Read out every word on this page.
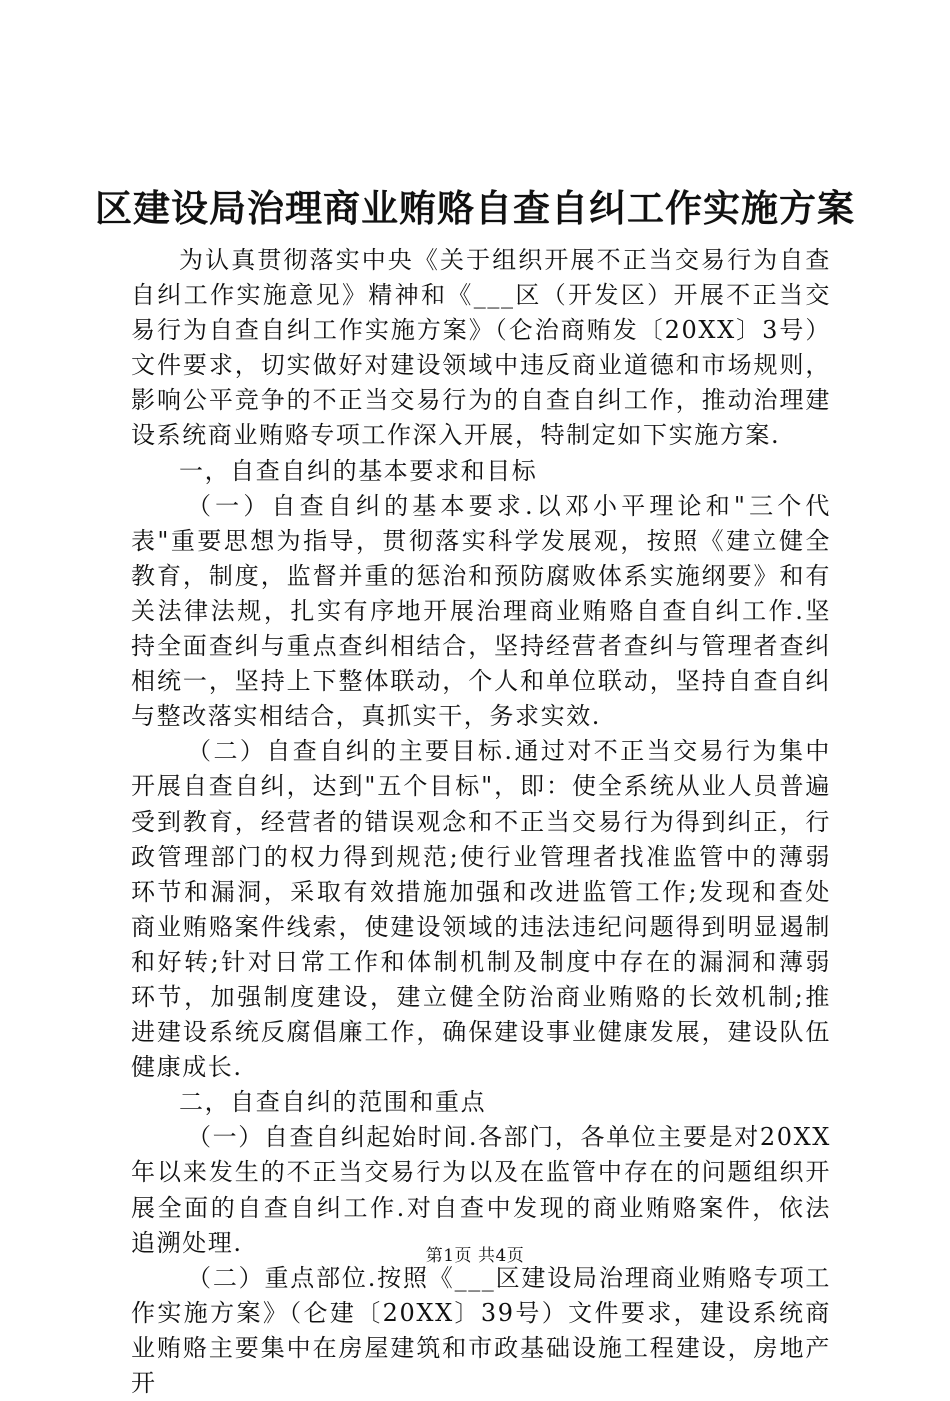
区建设局治理商业贿赂自查自纠工作实施方案

为认真贯彻落实中央《关于组织开展不正当交易行为自查自纠工作实施意见》精神和《___区（开发区）开展不正当交易行为自查自纠工作实施方案》（仑治商贿发〔20XX〕3号）文件要求，切实做好对建设领域中违反商业道德和市场规则，影响公平竞争的不正当交易行为的自查自纠工作，推动治理建设系统商业贿赂专项工作深入开展，特制定如下实施方案.

一，自查自纠的基本要求和目标

（一）自查自纠的基本要求.以邓小平理论和"三个代表"重要思想为指导，贯彻落实科学发展观，按照《建立健全教育，制度，监督并重的惩治和预防腐败体系实施纲要》和有关法律法规，扎实有序地开展治理商业贿赂自查自纠工作.坚持全面查纠与重点查纠相结合，坚持经营者查纠与管理者查纠相统一，坚持上下整体联动，个人和单位联动，坚持自查自纠与整改落实相结合，真抓实干，务求实效.

（二）自查自纠的主要目标.通过对不正当交易行为集中开展自查自纠，达到"五个目标"，即：使全系统从业人员普遍受到教育，经营者的错误观念和不正当交易行为得到纠正，行政管理部门的权力得到规范;使行业管理者找准监管中的薄弱环节和漏洞，采取有效措施加强和改进监管工作;发现和查处商业贿赂案件线索，使建设领域的违法违纪问题得到明显遏制和好转;针对日常工作和体制机制及制度中存在的漏洞和薄弱环节，加强制度建设，建立健全防治商业贿赂的长效机制;推进建设系统反腐倡廉工作，确保建设事业健康发展，建设队伍健康成长.

二，自查自纠的范围和重点

（一）自查自纠起始时间.各部门，各单位主要是对20XX年以来发生的不正当交易行为以及在监管中存在的问题组织开展全面的自查自纠工作.对自查中发现的商业贿赂案件，依法追溯处理.

（二）重点部位.按照《___区建设局治理商业贿赂专项工作实施方案》（仑建〔20XX〕39号）文件要求，建设系统商业贿赂主要集中在房屋建筑和市政基础设施工程建设，房地产开

第1页 共4页
